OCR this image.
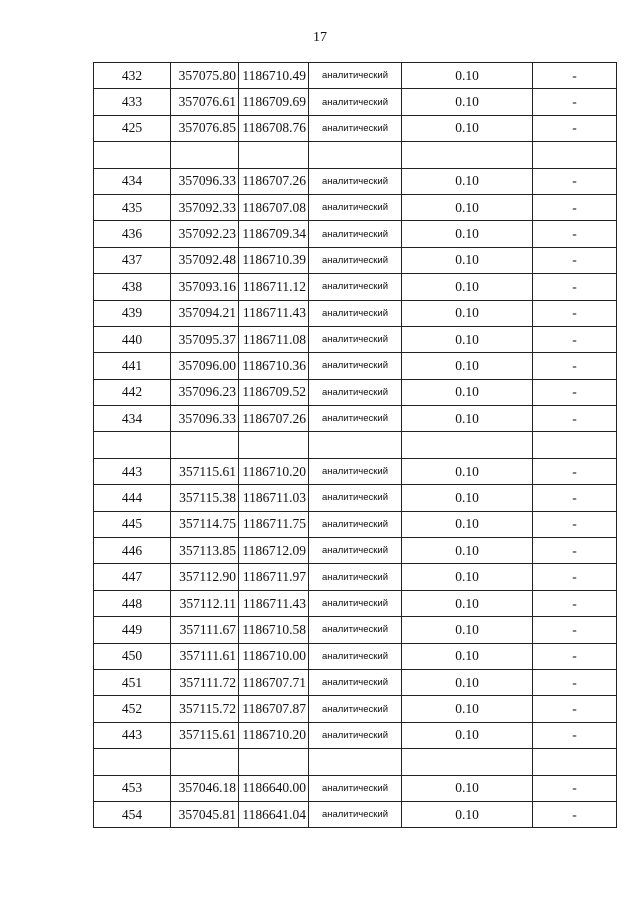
17
432	357075.80	1186710.49	аналитический	0.10	-
433	357076.61	1186709.69	аналитический	0.10	-
425	357076.85	1186708.76	аналитический	0.10	-

434	357096.33	1186707.26	аналитический	0.10	-
435	357092.33	1186707.08	аналитический	0.10	-
436	357092.23	1186709.34	аналитический	0.10	-
437	357092.48	1186710.39	аналитический	0.10	-
438	357093.16	1186711.12	аналитический	0.10	-
439	357094.21	1186711.43	аналитический	0.10	-
440	357095.37	1186711.08	аналитический	0.10	-
441	357096.00	1186710.36	аналитический	0.10	-
442	357096.23	1186709.52	аналитический	0.10	-
434	357096.33	1186707.26	аналитический	0.10	-

443	357115.61	1186710.20	аналитический	0.10	-
444	357115.38	1186711.03	аналитический	0.10	-
445	357114.75	1186711.75	аналитический	0.10	-
446	357113.85	1186712.09	аналитический	0.10	-
447	357112.90	1186711.97	аналитический	0.10	-
448	357112.11	1186711.43	аналитический	0.10	-
449	357111.67	1186710.58	аналитический	0.10	-
450	357111.61	1186710.00	аналитический	0.10	-
451	357111.72	1186707.71	аналитический	0.10	-
452	357115.72	1186707.87	аналитический	0.10	-
443	357115.61	1186710.20	аналитический	0.10	-

453	357046.18	1186640.00	аналитический	0.10	-
454	357045.81	1186641.04	аналитический	0.10	-
